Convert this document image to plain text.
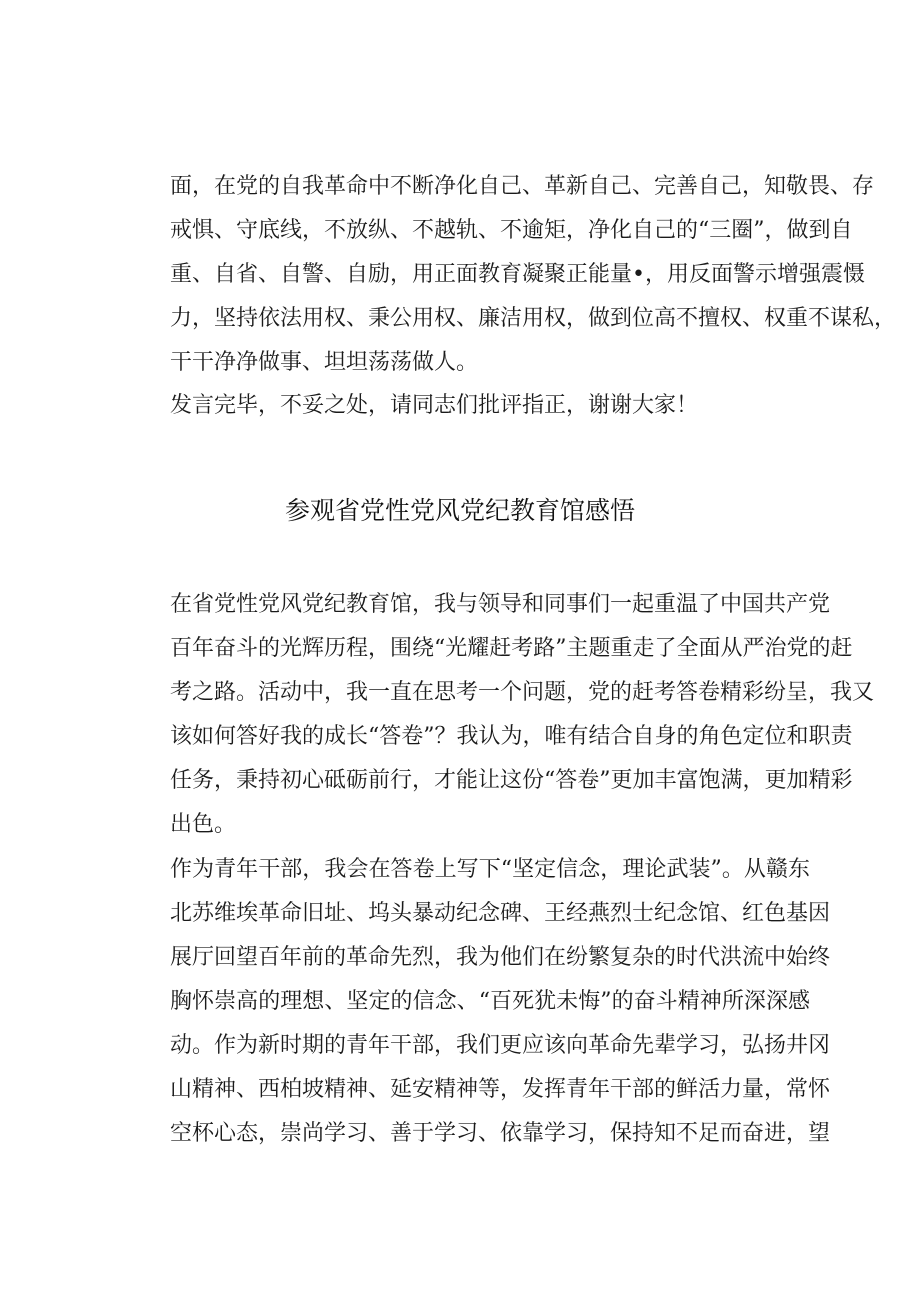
面，在党的自我革命中不断净化自己、革新自己、完善自己，知敬畏、存
戒惧、守底线，不放纵、不越轨、不逾矩，净化自己的“三圈”，做到自
重、自省、自警、自励，用正面教育凝聚正能量•，用反面警示增强震慑
力，坚持依法用权、秉公用权、廉洁用权，做到位高不擅权、权重不谋私，
干干净净做事、坦坦荡荡做人。
发言完毕，不妥之处，请同志们批评指正，谢谢大家！
参观省党性党风党纪教育馆感悟
在省党性党风党纪教育馆，我与领导和同事们一起重温了中国共产党
百年奋斗的光辉历程，围绕“光耀赶考路”主题重走了全面从严治党的赶
考之路。活动中，我一直在思考一个问题，党的赶考答卷精彩纷呈，我又
该如何答好我的成长“答卷”？我认为，唯有结合自身的角色定位和职责
任务，秉持初心砥砺前行，才能让这份“答卷”更加丰富饱满，更加精彩
出色。
作为青年干部，我会在答卷上写下“坚定信念，理论武装”。从赣东
北苏维埃革命旧址、坞头暴动纪念碑、王经燕烈士纪念馆、红色基因
展厅回望百年前的革命先烈，我为他们在纷繁复杂的时代洪流中始终
胸怀崇高的理想、坚定的信念、“百死犹未悔”的奋斗精神所深深感
动。作为新时期的青年干部，我们更应该向革命先辈学习，弘扬井冈
山精神、西柏坡精神、延安精神等，发挥青年干部的鲜活力量，常怀
空杯心态，崇尚学习、善于学习、依靠学习，保持知不足而奋进，望
